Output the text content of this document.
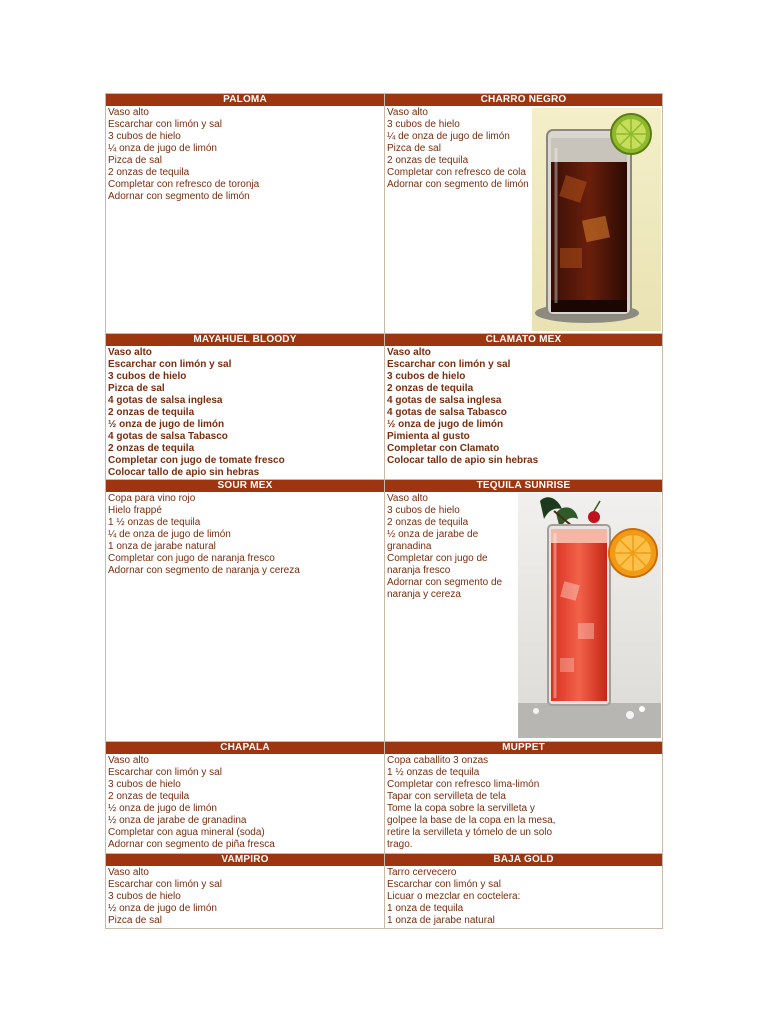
PALOMA
Vaso alto
Escarchar con limón y sal
3 cubos de hielo
¼ onza de jugo de limón
Pizca de sal
2 onzas de tequila
Completar con refresco de toronja
Adornar con segmento de limón
CHARRO NEGRO
Vaso alto
3 cubos de hielo
¼ de onza de jugo de limón
Pizca de sal
2 onzas de tequila
Completar con refresco de cola
Adornar con segmento de limón
MAYAHUEL BLOODY
Vaso alto
Escarchar con limón y sal
3 cubos de hielo
Pizca de sal
4 gotas de salsa inglesa
2 onzas de tequila
½ onza de jugo de limón
4 gotas de salsa Tabasco
2 onzas de tequila
Completar con jugo de tomate fresco
Colocar tallo de apio sin hebras
CLAMATO MEX
Vaso alto
Escarchar con limón y sal
3 cubos de hielo
2 onzas de tequila
4 gotas de salsa inglesa
4 gotas de salsa Tabasco
½ onza de jugo de limón
Pimienta al gusto
Completar con Clamato
Colocar tallo de apio sin hebras
SOUR MEX
Copa para vino rojo
Hielo frappé
1 ½ onzas de tequila
¼ de onza de jugo de limón
1 onza de jarabe natural
Completar con jugo de naranja fresco
Adornar con segmento de naranja y cereza
TEQUILA SUNRISE
Vaso alto
3 cubos de hielo
2 onzas de tequila
½ onza de jarabe de
granadina
Completar con jugo de
naranja fresco
Adornar con segmento de
naranja y cereza
CHAPALA
Vaso alto
Escarchar con limón y sal
3 cubos de hielo
2 onzas de tequila
½ onza de jugo de limón
½ onza de jarabe de granadina
Completar con agua mineral (soda)
Adornar con segmento de piña fresca
MUPPET
Copa caballito 3 onzas
1 ½ onzas de tequila
Completar con refresco lima-limón
Tapar con servilleta de tela
Tome la copa sobre la servilleta y
golpee la base de la copa en la mesa,
retire la servilleta y tómelo de un solo
trago.
VAMPIRO
Vaso alto
Escarchar con limón y sal
3 cubos de hielo
½ onza de jugo de limón
Pizca de sal
BAJA GOLD
Tarro cervecero
Escarchar con limón y sal
Licuar o mezclar en coctelera:
1 onza de tequila
1 onza de jarabe natural
